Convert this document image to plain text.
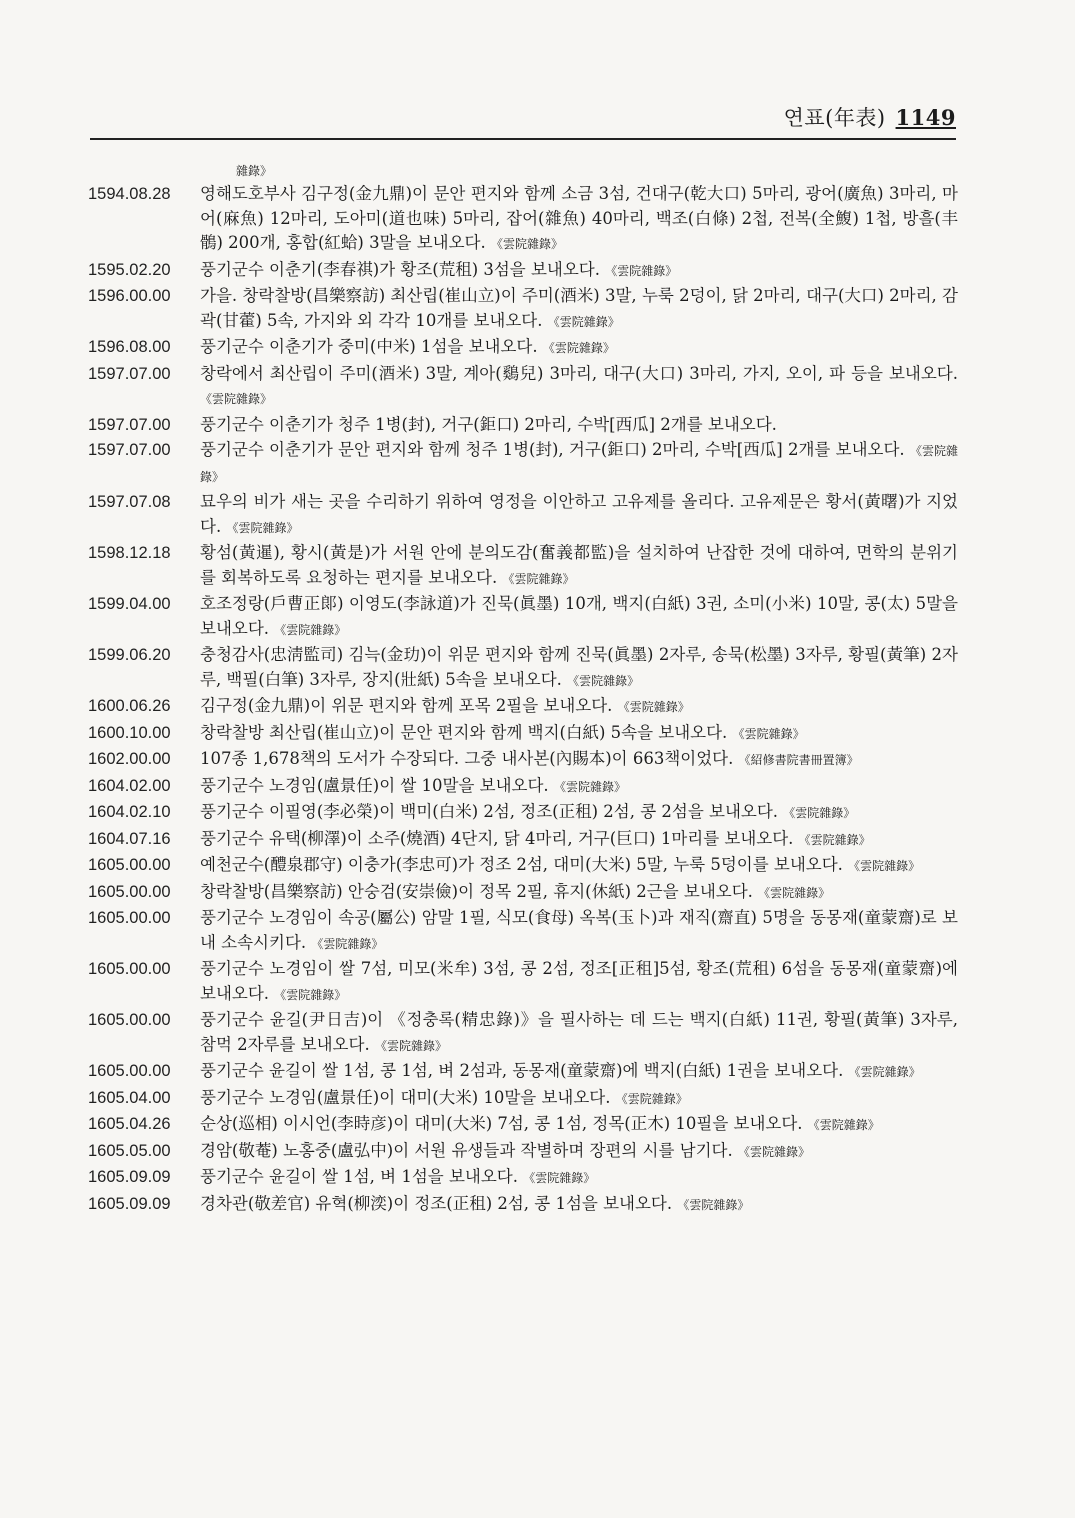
연표(年表) 1149
雜錄》
1594.08.28	영해도호부사 김구정(金九鼎)이 문안 편지와 함께 소금 3섬, 건대구(乾大口) 5마리, 광어(廣魚) 3마리, 마어(麻魚) 12마리, 도아미(道也味) 5마리, 잡어(雜魚) 40마리, 백조(白條) 2첩, 전복(全鰒) 1첩, 방흘(丰鶻) 200개, 홍합(紅蛤) 3말을 보내오다. 《雲院雜錄》
1595.02.20	풍기군수 이춘기(李春祺)가 황조(荒租) 3섬을 보내오다. 《雲院雜錄》
1596.00.00	가을. 창락찰방(昌樂察訪) 최산립(崔山立)이 주미(酒米) 3말, 누룩 2덩이, 닭 2마리, 대구(大口) 2마리, 감곽(甘藿) 5속, 가지와 외 각각 10개를 보내오다. 《雲院雜錄》
1596.08.00	풍기군수 이춘기가 중미(中米) 1섬을 보내오다. 《雲院雜錄》
1597.07.00	창락에서 최산립이 주미(酒米) 3말, 계아(鷄兒) 3마리, 대구(大口) 3마리, 가지, 오이, 파 등을 보내오다. 《雲院雜錄》
1597.07.00	풍기군수 이춘기가 청주 1병(封), 거구(鉅口) 2마리, 수박[西瓜] 2개를 보내오다.
1597.07.00	풍기군수 이춘기가 문안 편지와 함께 청주 1병(封), 거구(鉅口) 2마리, 수박[西瓜] 2개를 보내오다. 《雲院雜錄》
1597.07.08	묘우의 비가 새는 곳을 수리하기 위하여 영정을 이안하고 고유제를 올리다. 고유제문은 황서(黃曙)가 지었다. 《雲院雜錄》
1598.12.18	황섬(黃暹), 황시(黃是)가 서원 안에 분의도감(奮義都監)을 설치하여 난잡한 것에 대하여, 면학의 분위기를 회복하도록 요청하는 편지를 보내오다. 《雲院雜錄》
1599.04.00	호조정랑(戶曹正郞) 이영도(李詠道)가 진묵(眞墨) 10개, 백지(白紙) 3권, 소미(小米) 10말, 콩(太) 5말을 보내오다. 《雲院雜錄》
1599.06.20	충청감사(忠淸監司) 김늑(金玏)이 위문 편지와 함께 진묵(眞墨) 2자루, 송묵(松墨) 3자루, 황필(黃筆) 2자루, 백필(白筆) 3자루, 장지(壯紙) 5속을 보내오다. 《雲院雜錄》
1600.06.26	김구정(金九鼎)이 위문 편지와 함께 포목 2필을 보내오다. 《雲院雜錄》
1600.10.00	창락찰방 최산립(崔山立)이 문안 편지와 함께 백지(白紙) 5속을 보내오다. 《雲院雜錄》
1602.00.00	107종 1,678책의 도서가 수장되다. 그중 내사본(內賜本)이 663책이었다. 《紹修書院書冊置簿》
1604.02.00	풍기군수 노경임(盧景任)이 쌀 10말을 보내오다. 《雲院雜錄》
1604.02.10	풍기군수 이필영(李必榮)이 백미(白米) 2섬, 정조(正租) 2섬, 콩 2섬을 보내오다. 《雲院雜錄》
1604.07.16	풍기군수 유택(柳澤)이 소주(燒酒) 4단지, 닭 4마리, 거구(巨口) 1마리를 보내오다. 《雲院雜錄》
1605.00.00	예천군수(醴泉郡守) 이충가(李忠可)가 정조 2섬, 대미(大米) 5말, 누룩 5덩이를 보내오다. 《雲院雜錄》
1605.00.00	창락찰방(昌樂察訪) 안숭검(安崇儉)이 정목 2필, 휴지(休紙) 2근을 보내오다. 《雲院雜錄》
1605.00.00	풍기군수 노경임이 속공(屬公) 암말 1필, 식모(食母) 옥복(玉卜)과 재직(齋直) 5명을 동몽재(童蒙齋)로 보내 소속시키다. 《雲院雜錄》
1605.00.00	풍기군수 노경임이 쌀 7섬, 미모(米牟) 3섬, 콩 2섬, 정조[正租]5섬, 황조(荒租) 6섬을 동몽재(童蒙齋)에 보내오다. 《雲院雜錄》
1605.00.00	풍기군수 윤길(尹日吉)이 《정충록(精忠錄)》을 필사하는 데 드는 백지(白紙) 11권, 황필(黃筆) 3자루, 참먹 2자루를 보내오다. 《雲院雜錄》
1605.00.00	풍기군수 윤길이 쌀 1섬, 콩 1섬, 벼 2섬과, 동몽재(童蒙齋)에 백지(白紙) 1권을 보내오다. 《雲院雜錄》
1605.04.00	풍기군수 노경임(盧景任)이 대미(大米) 10말을 보내오다. 《雲院雜錄》
1605.04.26	순상(巡相) 이시언(李時彦)이 대미(大米) 7섬, 콩 1섬, 정목(正木) 10필을 보내오다. 《雲院雜錄》
1605.05.00	경암(敬菴) 노홍중(盧弘中)이 서원 유생들과 작별하며 장편의 시를 남기다. 《雲院雜錄》
1605.09.09	풍기군수 윤길이 쌀 1섬, 벼 1섬을 보내오다. 《雲院雜錄》
1605.09.09	경차관(敬差官) 유혁(柳湙)이 정조(正租) 2섬, 콩 1섬을 보내오다. 《雲院雜錄》
